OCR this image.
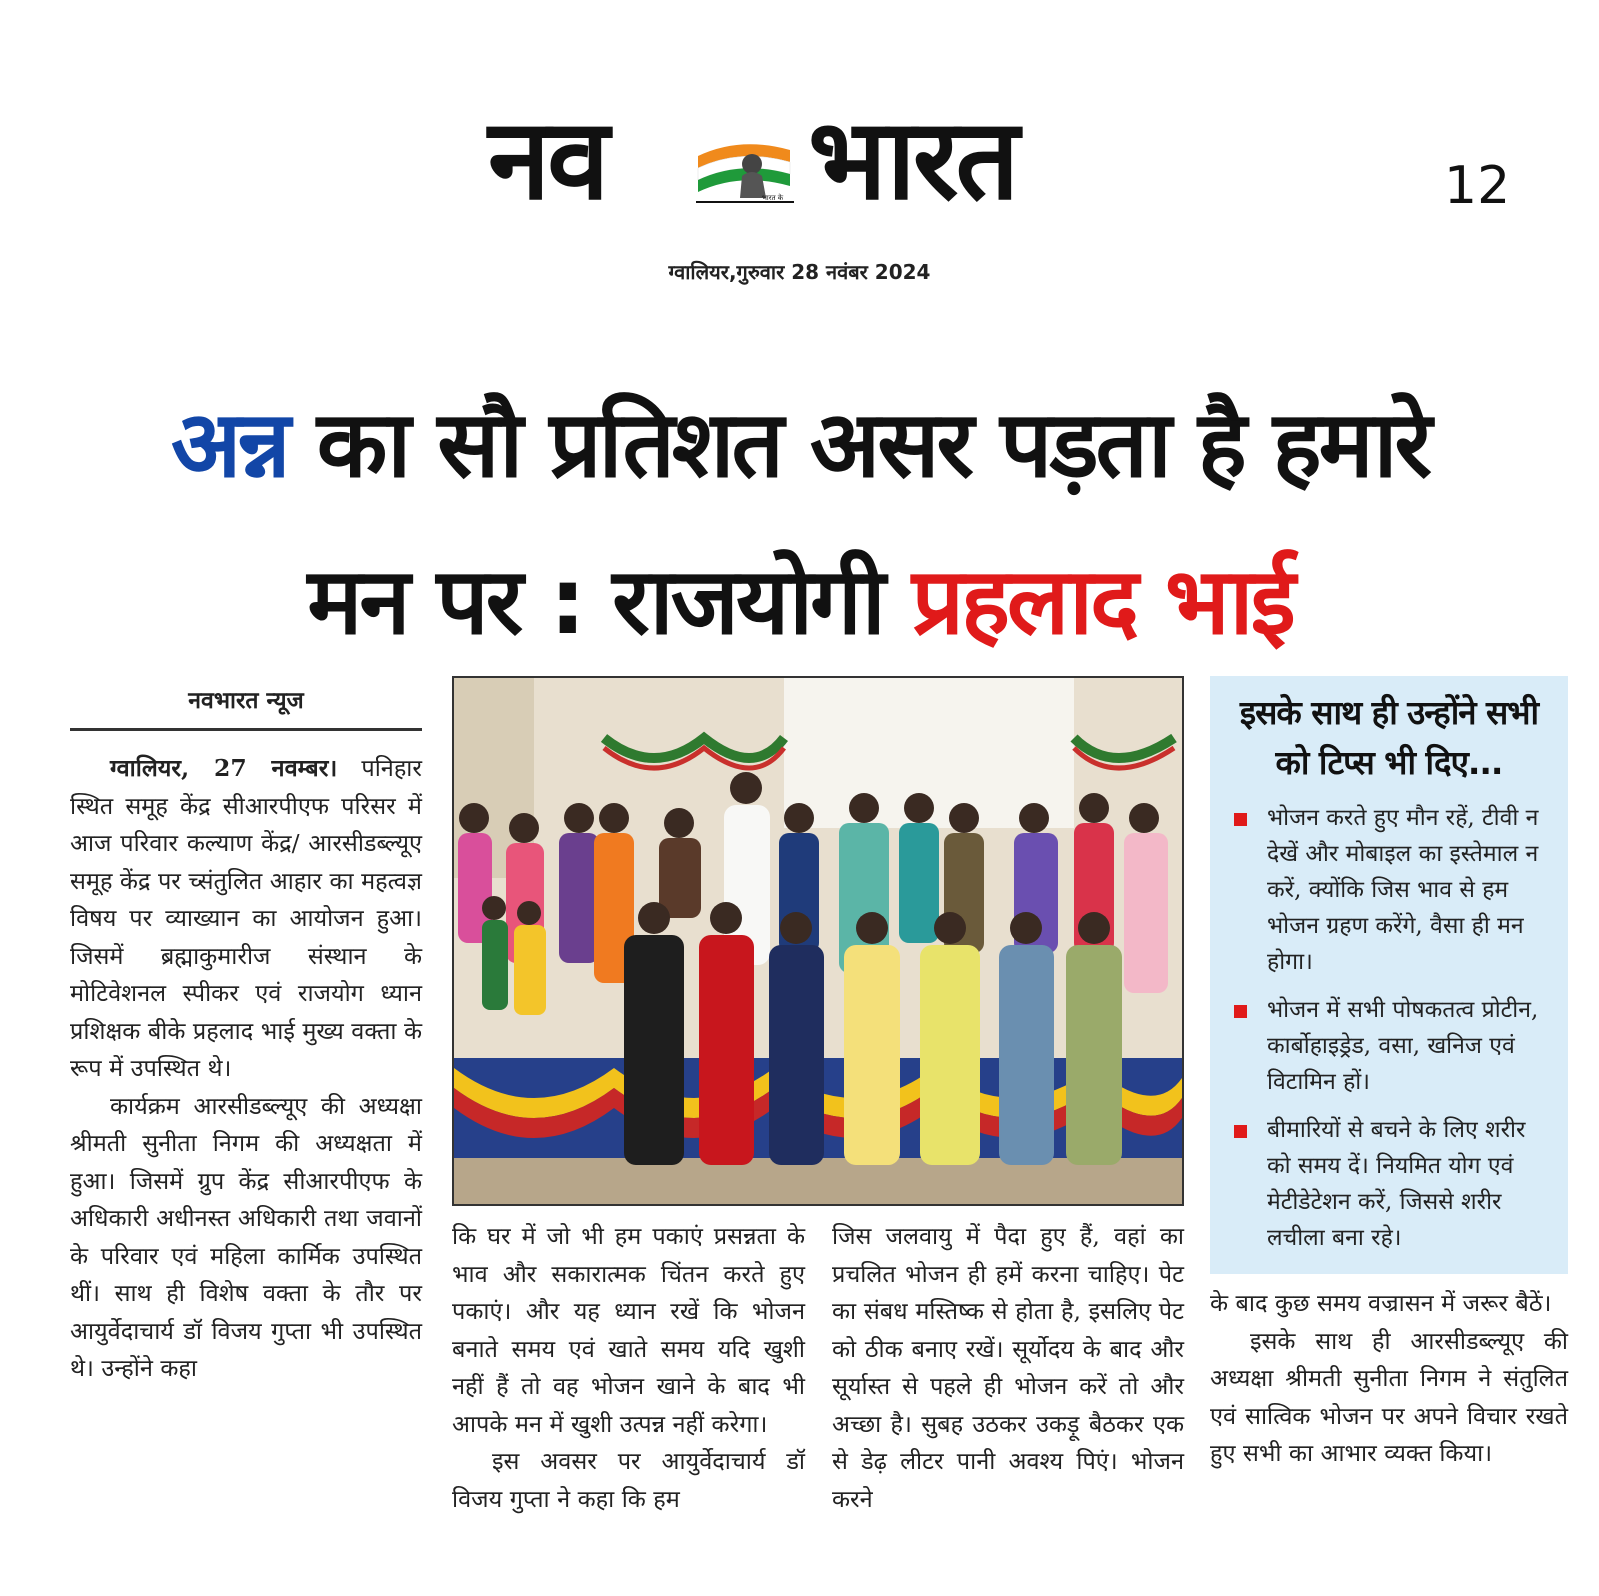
नव	भारत के भारत	12
ग्वालियर,गुरुवार 28 नवंबर 2024
अन्न का सौ प्रतिशत असर पड़ता है हमारे
मन पर : राजयोगी प्रहलाद भाई
नवभारत न्यूज

ग्वालियर, 27 नवम्बर। पनिहार स्थित समूह केंद्र सीआरपीएफ परिसर में आज परिवार कल्याण केंद्र/ आरसीडब्ल्यूए समूह केंद्र पर च्संतुलित आहार का महत्वज्ञ विषय पर व्याख्यान का आयोजन हुआ। जिसमें ब्रह्माकुमारीज संस्थान के मोटिवेशनल स्पीकर एवं राजयोग ध्यान प्रशिक्षक बीके प्रहलाद भाई मुख्य वक्ता के रूप में उपस्थित थे।

कार्यक्रम आरसीडब्ल्यूए की अध्यक्षा श्रीमती सुनीता निगम की अध्यक्षता में हुआ। जिसमें ग्रुप केंद्र सीआरपीएफ के अधिकारी अधीनस्त अधिकारी तथा जवानों के परिवार एवं महिला कार्मिक उपस्थित थीं। साथ ही विशेष वक्ता के तौर पर आयुर्वेदाचार्य डॉ विजय गुप्ता भी उपस्थित थे। उन्होंने कहा

कि घर में जो भी हम पकाएं प्रसन्नता के भाव और सकारात्मक चिंतन करते हुए पकाएं। और यह ध्यान रखें कि भोजन बनाते समय एवं खाते समय यदि खुशी नहीं हैं तो वह भोजन खाने के बाद भी आपके मन में खुशी उत्पन्न नहीं करेगा।

इस अवसर पर आयुर्वेदाचार्य डॉ विजय गुप्ता ने कहा कि हम

जिस जलवायु में पैदा हुए हैं, वहां का प्रचलित भोजन ही हमें करना चाहिए। पेट का संबध मस्तिष्क से होता है, इसलिए पेट को ठीक बनाए रखें। सूर्योदय के बाद और सूर्यास्त से पहले ही भोजन करें तो और अच्छा है। सुबह उठकर उकड़ू बैठकर एक से डेढ़ लीटर पानी अवश्य पिएं। भोजन करने

इसके साथ ही उन्होंने सभी को टिप्स भी दिए...
भोजन करते हुए मौन रहें, टीवी न देखें और मोबाइल का इस्तेमाल न करें, क्योंकि जिस भाव से हम भोजन ग्रहण करेंगे, वैसा ही मन होगा।
भोजन में सभी पोषकतत्व प्रोटीन, कार्बोहाइड्रेड, वसा, खनिज एवं विटामिन हों।
बीमारियों से बचने के लिए शरीर को समय दें। नियमित योग एवं मेटीडेटेशन करें, जिससे शरीर लचीला बना रहे।

के बाद कुछ समय वज्रासन में जरूर बैठें।

इसके साथ ही आरसीडब्ल्यूए की अध्यक्षा श्रीमती सुनीता निगम ने संतुलित एवं सात्विक भोजन पर अपने विचार रखते हुए सभी का आभार व्यक्त किया।
